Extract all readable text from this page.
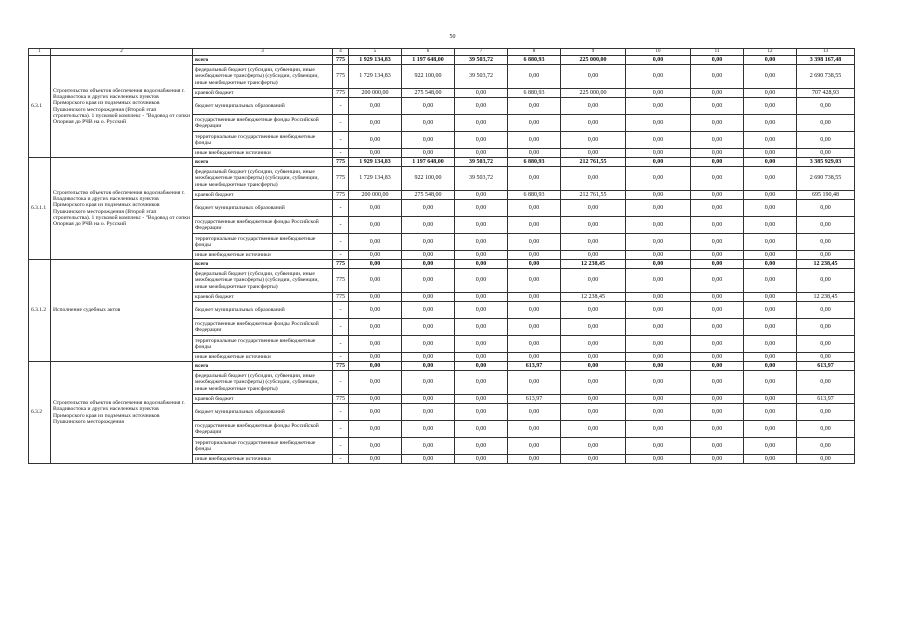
50
1	2	3	4	5	6	7	8	9	10	11	12	13
6.3.1	Строительство объектов обеспечения водоснабжения г. Владивостока и других населенных пунктов Приморского края из подземных источников Пушкинского месторождения (Второй этап строительства). 1 пусковой комплекс - "Водовод от сопки Опорная до РЧВ на о. Русский	всего	775	1 929 134,83	1 197 648,00	39 503,72	6 880,93	225 000,00	0,00	0,00	0,00	3 398 167,48
		федеральный бюджет (субсидии, субвенции, иные межбюджетные трансферты) (субсидии, субвенции, иные межбюджетные трансферты)	775	1 729 134,83	922 100,00	39 503,72	0,00	0,00	0,00	0,00	0,00	2 690 738,55
		краевой бюджет	775	200 000,00	275 548,00	0,00	6 880,93	225 000,00	0,00	0,00	0,00	707 428,93
		бюджет муниципальных образований	-	0,00	0,00	0,00	0,00	0,00	0,00	0,00	0,00	0,00
		государственные внебюджетные фонды Российской Федерации	-	0,00	0,00	0,00	0,00	0,00	0,00	0,00	0,00	0,00
		территориальные государственные внебюджетные фонды	-	0,00	0,00	0,00	0,00	0,00	0,00	0,00	0,00	0,00
		иные внебюджетные источники	-	0,00	0,00	0,00	0,00	0,00	0,00	0,00	0,00	0,00
6.3.1.1	Строительство объектов обеспечения водоснабжения г. Владивостока и других населенных пунктов Приморского края из подземных источников Пушкинского месторождения (Второй этап строительства). 1 пусковой комплекс - "Водовод от сопки Опорная до РЧВ на о. Русский	всего	775	1 929 134,83	1 197 648,00	39 503,72	6 880,93	212 761,55	0,00	0,00	0,00	3 385 929,03
		федеральный бюджет (субсидии, субвенции, иные межбюджетные трансферты) (субсидии, субвенции, иные межбюджетные трансферты)	775	1 729 134,83	922 100,00	39 503,72	0,00	0,00	0,00	0,00	0,00	2 690 738,55
		краевой бюджет	775	200 000,00	275 548,00	0,00	6 880,93	212 761,55	0,00	0,00	0,00	695 190,48
		бюджет муниципальных образований	-	0,00	0,00	0,00	0,00	0,00	0,00	0,00	0,00	0,00
		государственные внебюджетные фонды Российской Федерации	-	0,00	0,00	0,00	0,00	0,00	0,00	0,00	0,00	0,00
		территориальные государственные внебюджетные фонды	-	0,00	0,00	0,00	0,00	0,00	0,00	0,00	0,00	0,00
		иные внебюджетные источники	-	0,00	0,00	0,00	0,00	0,00	0,00	0,00	0,00	0,00
6.3.1.2	Исполнение судебных актов	всего	775	0,00	0,00	0,00	0,00	12 238,45	0,00	0,00	0,00	12 238,45
		федеральный бюджет (субсидии, субвенции, иные межбюджетные трансферты) (субсидии, субвенции, иные межбюджетные трансферты)	775	0,00	0,00	0,00	0,00	0,00	0,00	0,00	0,00	0,00
		краевой бюджет	775	0,00	0,00	0,00	0,00	12 238,45	0,00	0,00	0,00	12 238,45
		бюджет муниципальных образований	-	0,00	0,00	0,00	0,00	0,00	0,00	0,00	0,00	0,00
		государственные внебюджетные фонды Российской Федерации	-	0,00	0,00	0,00	0,00	0,00	0,00	0,00	0,00	0,00
		территориальные государственные внебюджетные фонды	-	0,00	0,00	0,00	0,00	0,00	0,00	0,00	0,00	0,00
		иные внебюджетные источники	-	0,00	0,00	0,00	0,00	0,00	0,00	0,00	0,00	0,00
6.3.2	Строительство объектов обеспечения водоснабжения г. Владивостока и других населенных пунктов Приморского края из подземных источников Пушкинского месторождения	всего	775	0,00	0,00	0,00	613,97	0,00	0,00	0,00	0,00	613,97
		федеральный бюджет (субсидии, субвенции, иные межбюджетные трансферты) (субсидии, субвенции, иные межбюджетные трансферты)	-	0,00	0,00	0,00	0,00	0,00	0,00	0,00	0,00	0,00
		краевой бюджет	775	0,00	0,00	0,00	613,97	0,00	0,00	0,00	0,00	613,97
		бюджет муниципальных образований	-	0,00	0,00	0,00	0,00	0,00	0,00	0,00	0,00	0,00
		государственные внебюджетные фонды Российской Федерации	-	0,00	0,00	0,00	0,00	0,00	0,00	0,00	0,00	0,00
		территориальные государственные внебюджетные фонды	-	0,00	0,00	0,00	0,00	0,00	0,00	0,00	0,00	0,00
		иные внебюджетные источники	-	0,00	0,00	0,00	0,00	0,00	0,00	0,00	0,00	0,00
